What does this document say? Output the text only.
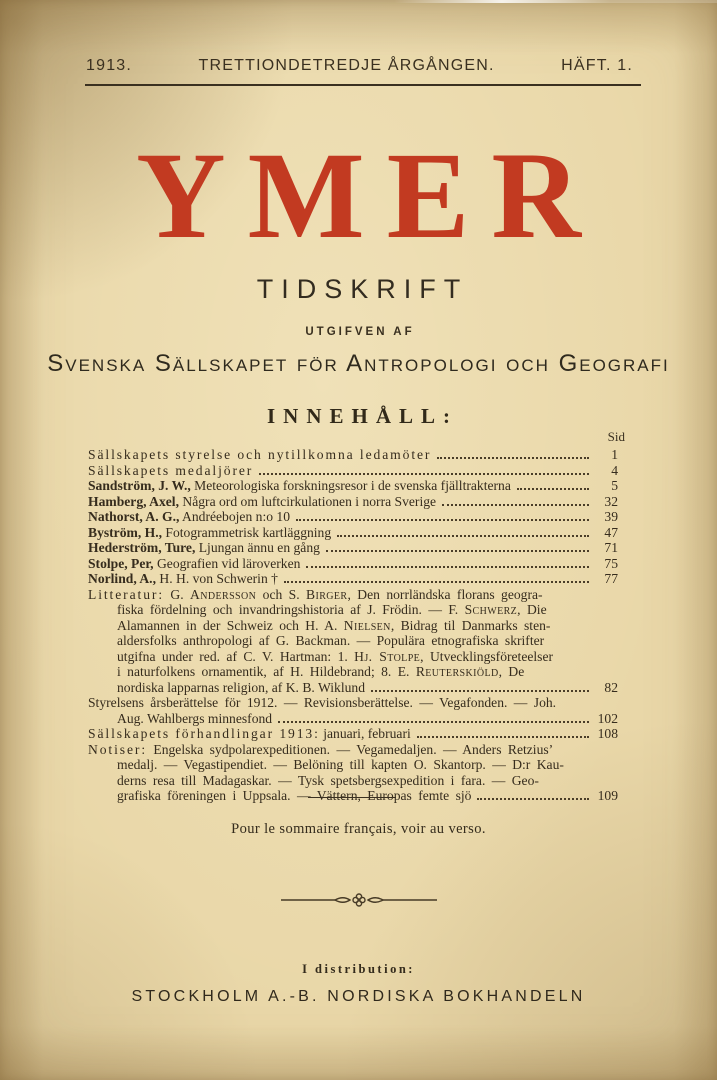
1913.	TRETTIONDETREDJE ÅRGÅNGEN.	HÄFT. 1.
YMER
TIDSKRIFT
UTGIFVEN AF
Svenska Sällskapet för Antropologi och Geografi
INNEHÅLL:
Sid
Sällskapets styrelse och nytillkomna ledamöter	1
Sällskapets medaljörer	4
Sandström, J. W., Meteorologiska forskningsresor i de svenska fjälltrakterna	5
Hamberg, Axel, Några ord om luftcirkulationen i norra Sverige	32
Nathorst, A. G., Andréebojen n:o 10	39
Byström, H., Fotogrammetrisk kartläggning	47
Hederström, Ture, Ljungan ännu en gång	71
Stolpe, Per, Geografien vid läroverken	75
Norlind, A., H. H. von Schwerin †	77
Litteratur: G. Andersson och S. Birger, Den norrländska florans geogra-
fiska fördelning och invandringshistoria af J. Frödin. — F. Schwerz, Die
Alamannen in der Schweiz och H. A. Nielsen, Bidrag til Danmarks sten-
aldersfolks anthropologi af G. Backman. — Populära etnografiska skrifter
utgifna under red. af C. V. Hartman: 1. Hj. Stolpe, Utvecklingsföreteelser
i naturfolkens ornamentik, af H. Hildebrand; 8. E. Reuterskiöld, De
nordiska lapparnas religion, af K. B. Wiklund	82
Styrelsens årsberättelse för 1912. — Revisionsberättelse. — Vegafonden. — Joh.
Aug. Wahlbergs minnesfond	102
Sällskapets förhandlingar 1913: januari, februari	108
Notiser: Engelska sydpolarexpeditionen. — Vegamedaljen. — Anders Retzius’
medalj. — Vegastipendiet. — Belöning till kapten O. Skantorp. — D:r Kau-
derns resa till Madagaskar. — Tysk spetsbergsexpedition i fara. — Geo-
grafiska föreningen i Uppsala. — Vättern, Europas femte sjö	109
Pour le sommaire français, voir au verso.
I distribution:
STOCKHOLM A.-B. NORDISKA BOKHANDELN
